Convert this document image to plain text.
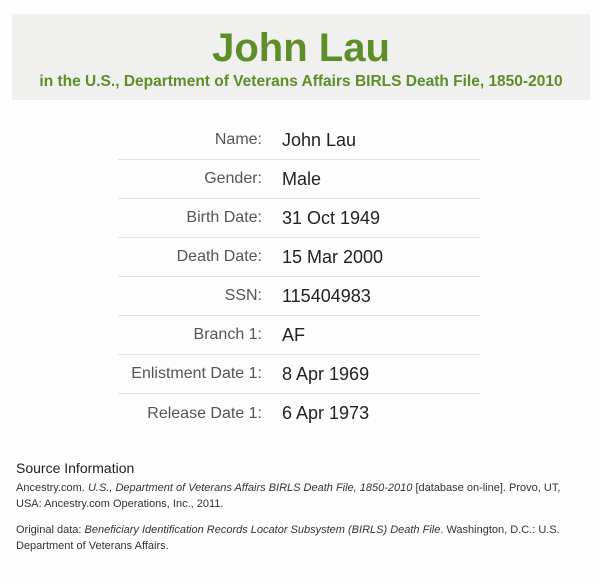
John Lau
in the U.S., Department of Veterans Affairs BIRLS Death File, 1850-2010
Name:	John Lau
Gender:	Male
Birth Date:	31 Oct 1949
Death Date:	15 Mar 2000
SSN:	115404983
Branch 1:	AF
Enlistment Date 1:	8 Apr 1969
Release Date 1:	6 Apr 1973
Source Information
Ancestry.com. U.S., Department of Veterans Affairs BIRLS Death File, 1850-2010 [database on-line]. Provo, UT, USA: Ancestry.com Operations, Inc., 2011.
Original data: Beneficiary Identification Records Locator Subsystem (BIRLS) Death File. Washington, D.C.: U.S. Department of Veterans Affairs.
